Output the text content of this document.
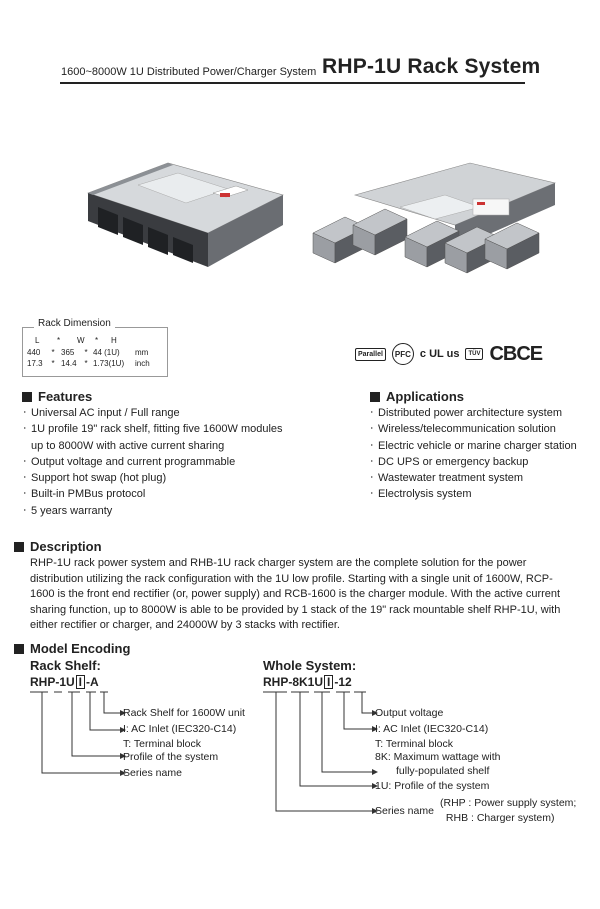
1600~8000W 1U Distributed Power/Charger System RHP-1U Rack System
L * W * H
440 * 365 * 44 (1U) mm
17.3 * 14.4 * 1.73(1U) inch
Rack Dimension
Parallel	PFC c UL us	TÜV CBCE
Features
‧ Universal AC input / Full range
‧ 1U profile 19" rack shelf, fitting five 1600W modules
up to 8000W with active current sharing
‧ Output voltage and current programmable
‧ Support hot swap (hot plug)
‧ Built-in PMBus protocol
‧ 5 years warranty
Applications
‧ Distributed power architecture system
‧ Wireless/telecommunication solution
‧ Electric vehicle or marine charger station
‧ DC UPS or emergency backup
‧ Wastewater treatment system
‧ Electrolysis system
Description
RHP-1U rack power system and RHB-1U rack charger system are the complete solution for the power distribution utilizing the rack configuration with the 1U low profile. Starting with a single unit of 1600W, RCP-1600 is the front end rectifier (or, power supply) and RCB-1600 is the charger module. With the active current sharing function, up to 8000W is able to be provided by 1 stack of the 19" rack mountable shelf RHP-1U, with either rectifier or charger, and 24000W by 3 stacks with rectifier.
Model Encoding
Rack Shelf:
RHP-1U I -A
Whole System:
RHP-8K1U I -12
Rack Shelf for 1600W unit
I: AC Inlet (IEC320-C14)
T: Terminal block
Profile of the system
Series name
Output voltage
I: AC Inlet (IEC320-C14)
T: Terminal block
8K: Maximum wattage with
fully-populated shelf
1U: Profile of the system
Series name
(RHP : Power supply system;
RHB : Charger system)
